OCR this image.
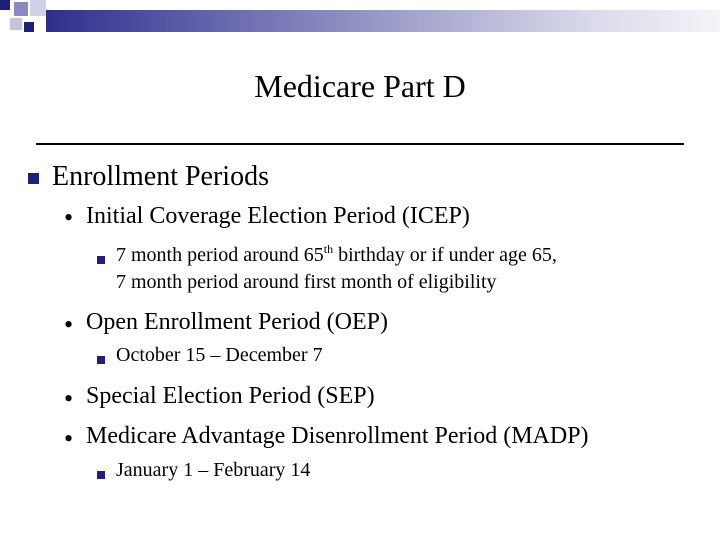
Medicare Part D
Enrollment Periods
• Initial Coverage Election Period (ICEP)
7 month period around 65th birthday or if under age 65,
7 month period around first month of eligibility
• Open Enrollment Period (OEP)
October 15 – December 7
• Special Election Period (SEP)
• Medicare Advantage Disenrollment Period (MADP)
January 1 – February 14
